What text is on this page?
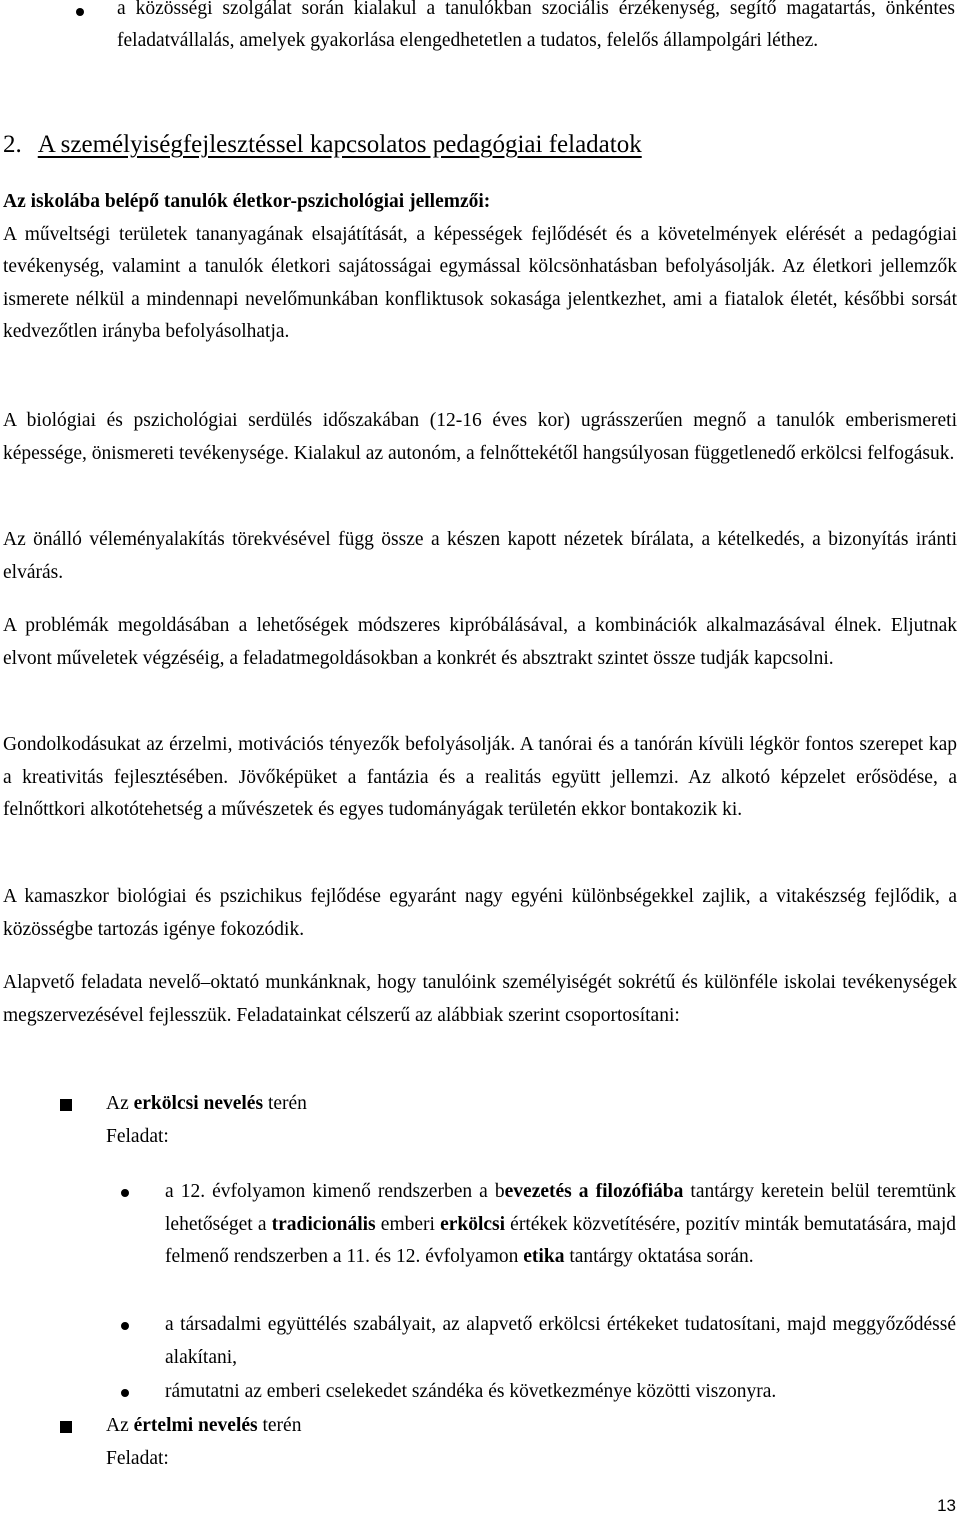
a közösségi szolgálat során kialakul a tanulókban szociális érzékenység, segítő magatartás, önkéntes feladatvállalás, amelyek gyakorlása elengedhetetlen a tudatos, felelős állampolgári léthez.
2. A személyiségfejlesztéssel kapcsolatos pedagógiai feladatok

Az iskolába belépő tanulók életkor-pszichológiai jellemzői:

A műveltségi területek tananyagának elsajátítását, a képességek fejlődését és a követelmények elérését a pedagógiai tevékenység, valamint a tanulók életkori sajátosságai egymással kölcsönhatásban befolyásolják. Az életkori jellemzők ismerete nélkül a mindennapi nevelőmunkában konfliktusok sokasága jelentkezhet, ami a fiatalok életét, későbbi sorsát kedvezőtlen irányba befolyásolhatja.

A biológiai és pszichológiai serdülés időszakában (12-16 éves kor) ugrásszerűen megnő a tanulók emberismereti képessége, önismereti tevékenysége. Kialakul az autonóm, a felnőttekétől hangsúlyosan függetlenedő erkölcsi felfogásuk.

Az önálló véleményalakítás törekvésével függ össze a készen kapott nézetek bírálata, a kételkedés, a bizonyítás iránti elvárás.

A problémák megoldásában a lehetőségek módszeres kipróbálásával, a kombinációk alkalmazásával élnek. Eljutnak elvont műveletek végzéséig, a feladatmegoldásokban a konkrét és absztrakt szintet össze tudják kapcsolni.

Gondolkodásukat az érzelmi, motivációs tényezők befolyásolják. A tanórai és a tanórán kívüli légkör fontos szerepet kap a kreativitás fejlesztésében. Jövőképüket a fantázia és a realitás együtt jellemzi. Az alkotó képzelet erősödése, a felnőttkori alkotótehetség a művészetek és egyes tudományágak területén ekkor bontakozik ki.

A kamaszkor biológiai és pszichikus fejlődése egyaránt nagy egyéni különbségekkel zajlik, a vitakészség fejlődik, a közösségbe tartozás igénye fokozódik.

Alapvető feladata nevelő–oktató munkánknak, hogy tanulóink személyiségét sokrétű és különféle iskolai tevékenységek megszervezésével fejlesszük. Feladatainkat célszerű az alábbiak szerint csoportosítani:

Az erkölcsi nevelés terén
Feladat:
a 12. évfolyamon kimenő rendszerben a bevezetés a filozófiába tantárgy keretein belül teremtünk lehetőséget a tradicionális emberi erkölcsi értékek közvetítésére, pozitív minták bemutatására, majd felmenő rendszerben a 11. és 12. évfolyamon etika tantárgy oktatása során.
a társadalmi együttélés szabályait, az alapvető erkölcsi értékeket tudatosítani, majd meggyőződéssé alakítani,
rámutatni az emberi cselekedet szándéka és következménye közötti viszonyra.
Az értelmi nevelés terén
Feladat:
13
